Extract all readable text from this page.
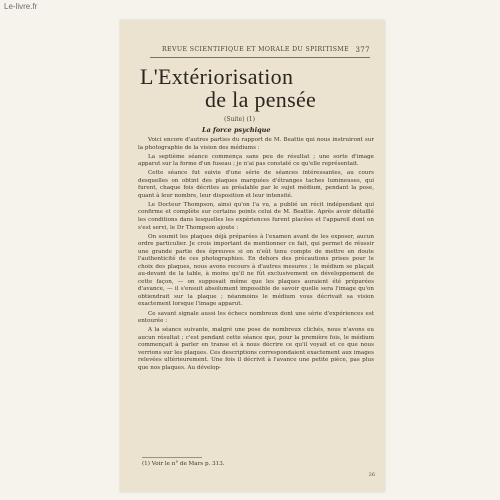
Le-livre.fr
REVUE SCIENTIFIQUE ET MORALE DU SPIRITISME 377
L'Extériorisation
de la pensée
(Suite) (1)
La force psychique

Voici encore d'autres parties du rapport de M. Beattie qui nous instruiront sur la photographie de la vision des médiums :

La septième séance commença sans peu de résultat ; une sorte d'image apparut sur la forme d'un fuseau ; je n'ai pas constaté ce qu'elle représentait.

Cette séance fut suivie d'une série de séances intéressantes, au cours desquelles on obtint des plaques marquées d'étranges taches lumineuses, qui furent, chaque fois décrites au préalable par le sujet médium, pendant la pose, quant à leur nombre, leur disposition et leur intensité.

Le Docteur Thompson, ainsi qu'on l'a vu, a publié un récit indépendant qui confirme et complète sur certains points celui de M. Beattie. Après avoir détaillé les conditions dans lesquelles les expériences furent placées et l'appareil dont on s'est servi, le Dr Thompson ajoute :

On soumit les plaques déjà préparées à l'examen avant de les exposer, aucun ordre particulier. Je crois important de mentionner ce fait, qui permet de réussir une grande partie des épreuves si on n'eût tenu compte de mettre en doute l'authenticité de ces photographies. En dehors des précautions prises pour le choix des plaques, nous avons recours à d'autres mesures ; le médium se plaçait au-devant de la table, à moins qu'il ne fût exclusivement en développement de cette façon, — on supposait même que les plaques auraient été préparées d'avance, — il s'ensuit absolument impossible de savoir quelle sera l'image qu'on obtiendrait sur la plaque ; néanmoins le médium vous décrivait sa vision exactement lorsque l'image apparut.

Ce savant signale aussi les échecs nombreux dont une série d'expériences est entourée :

A la séance suivante, malgré une pose de nombreux clichés, nous n'avons eu aucun résultat ; c'est pendant cette séance que, pour la première fois, le médium commençait à parler en transe et à nous décrire ce qu'il voyait et ce que nous verrions sur les plaques. Ces descriptions correspondaient exactement aux images relevées ultérieurement. Une fois il décrivit à l'avance une petite pièce, pas plus que nos plaques. Au dévelop-

(1) Voir le n° de Mars p. 313.
26
